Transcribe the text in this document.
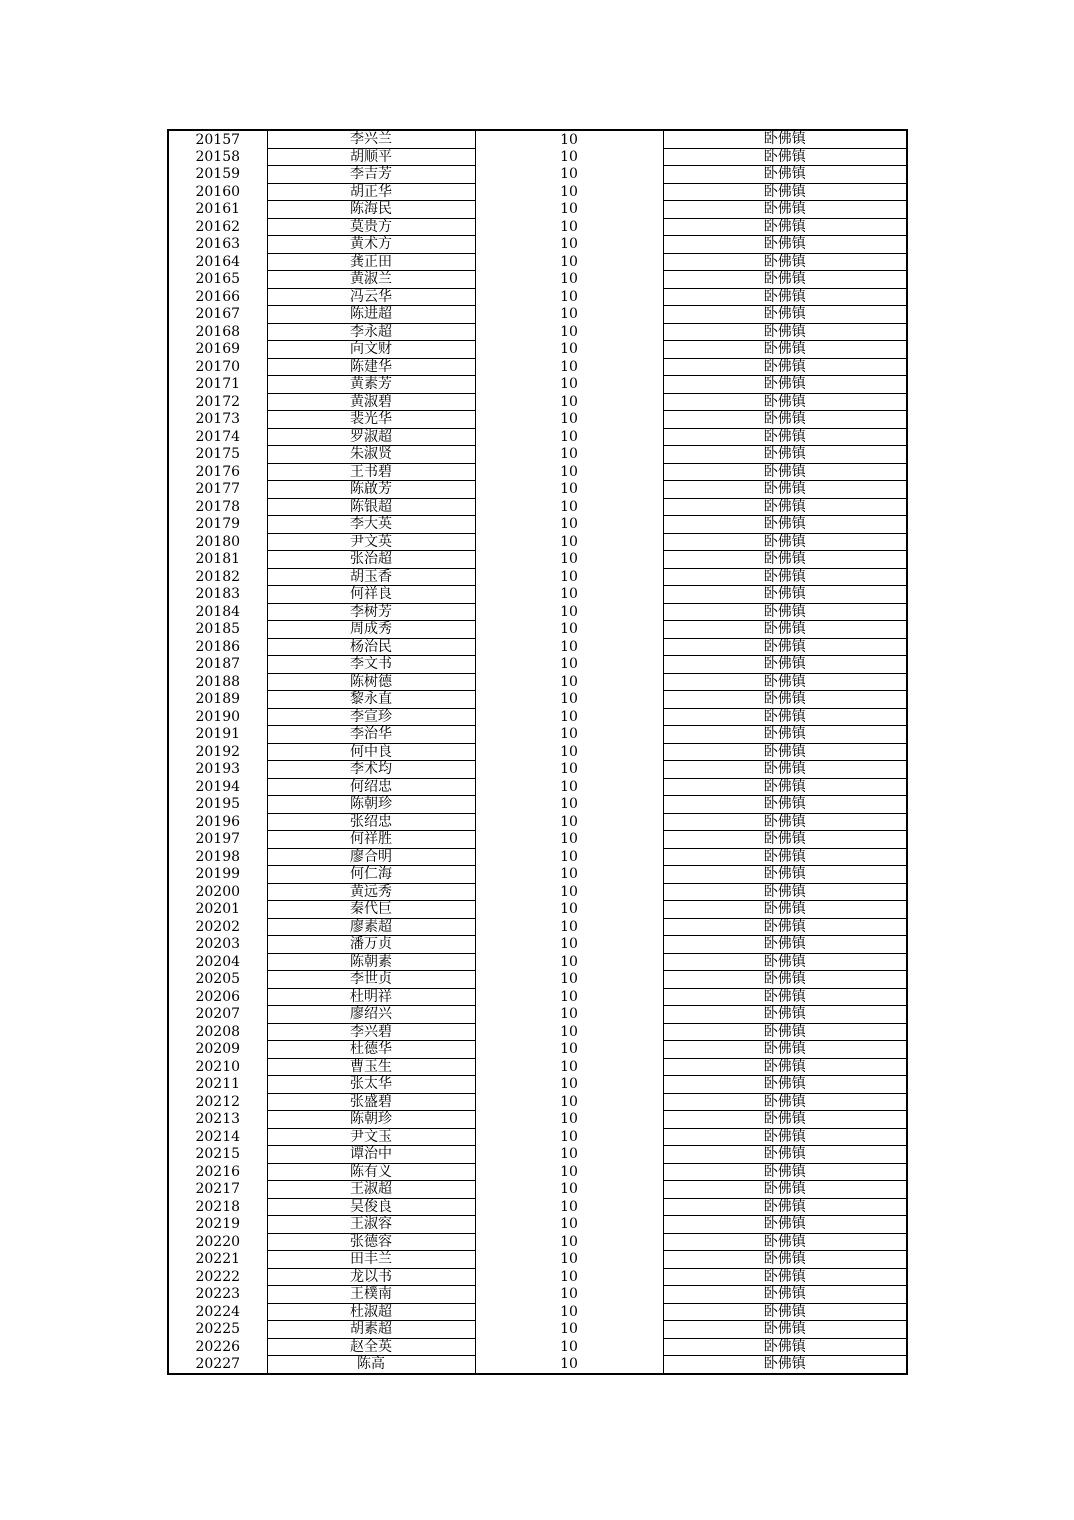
20157	李兴兰	10	卧佛镇
20158	胡顺平	10	卧佛镇
20159	李吉芳	10	卧佛镇
20160	胡正华	10	卧佛镇
20161	陈海民	10	卧佛镇
20162	莫贵方	10	卧佛镇
20163	黄术方	10	卧佛镇
20164	龚正田	10	卧佛镇
20165	黄淑兰	10	卧佛镇
20166	冯云华	10	卧佛镇
20167	陈进超	10	卧佛镇
20168	李永超	10	卧佛镇
20169	向文财	10	卧佛镇
20170	陈建华	10	卧佛镇
20171	黄素芳	10	卧佛镇
20172	黄淑碧	10	卧佛镇
20173	裴光华	10	卧佛镇
20174	罗淑超	10	卧佛镇
20175	朱淑贤	10	卧佛镇
20176	王书碧	10	卧佛镇
20177	陈啟芳	10	卧佛镇
20178	陈银超	10	卧佛镇
20179	李大英	10	卧佛镇
20180	尹文英	10	卧佛镇
20181	张治超	10	卧佛镇
20182	胡玉香	10	卧佛镇
20183	何祥良	10	卧佛镇
20184	李树芳	10	卧佛镇
20185	周成秀	10	卧佛镇
20186	杨治民	10	卧佛镇
20187	李文书	10	卧佛镇
20188	陈树德	10	卧佛镇
20189	黎永直	10	卧佛镇
20190	李宣珍	10	卧佛镇
20191	李治华	10	卧佛镇
20192	何中良	10	卧佛镇
20193	李术均	10	卧佛镇
20194	何绍忠	10	卧佛镇
20195	陈朝珍	10	卧佛镇
20196	张绍忠	10	卧佛镇
20197	何祥胜	10	卧佛镇
20198	廖合明	10	卧佛镇
20199	何仁海	10	卧佛镇
20200	黄远秀	10	卧佛镇
20201	秦代巨	10	卧佛镇
20202	廖素超	10	卧佛镇
20203	潘万贞	10	卧佛镇
20204	陈朝素	10	卧佛镇
20205	李世贞	10	卧佛镇
20206	杜明祥	10	卧佛镇
20207	廖绍兴	10	卧佛镇
20208	李兴碧	10	卧佛镇
20209	杜德华	10	卧佛镇
20210	曹玉生	10	卧佛镇
20211	张太华	10	卧佛镇
20212	张盛碧	10	卧佛镇
20213	陈朝珍	10	卧佛镇
20214	尹文玉	10	卧佛镇
20215	谭治中	10	卧佛镇
20216	陈有义	10	卧佛镇
20217	王淑超	10	卧佛镇
20218	吴俊良	10	卧佛镇
20219	王淑容	10	卧佛镇
20220	张德容	10	卧佛镇
20221	田丰兰	10	卧佛镇
20222	龙以书	10	卧佛镇
20223	王樸南	10	卧佛镇
20224	杜淑超	10	卧佛镇
20225	胡素超	10	卧佛镇
20226	赵全英	10	卧佛镇
20227	陈高	10	卧佛镇
